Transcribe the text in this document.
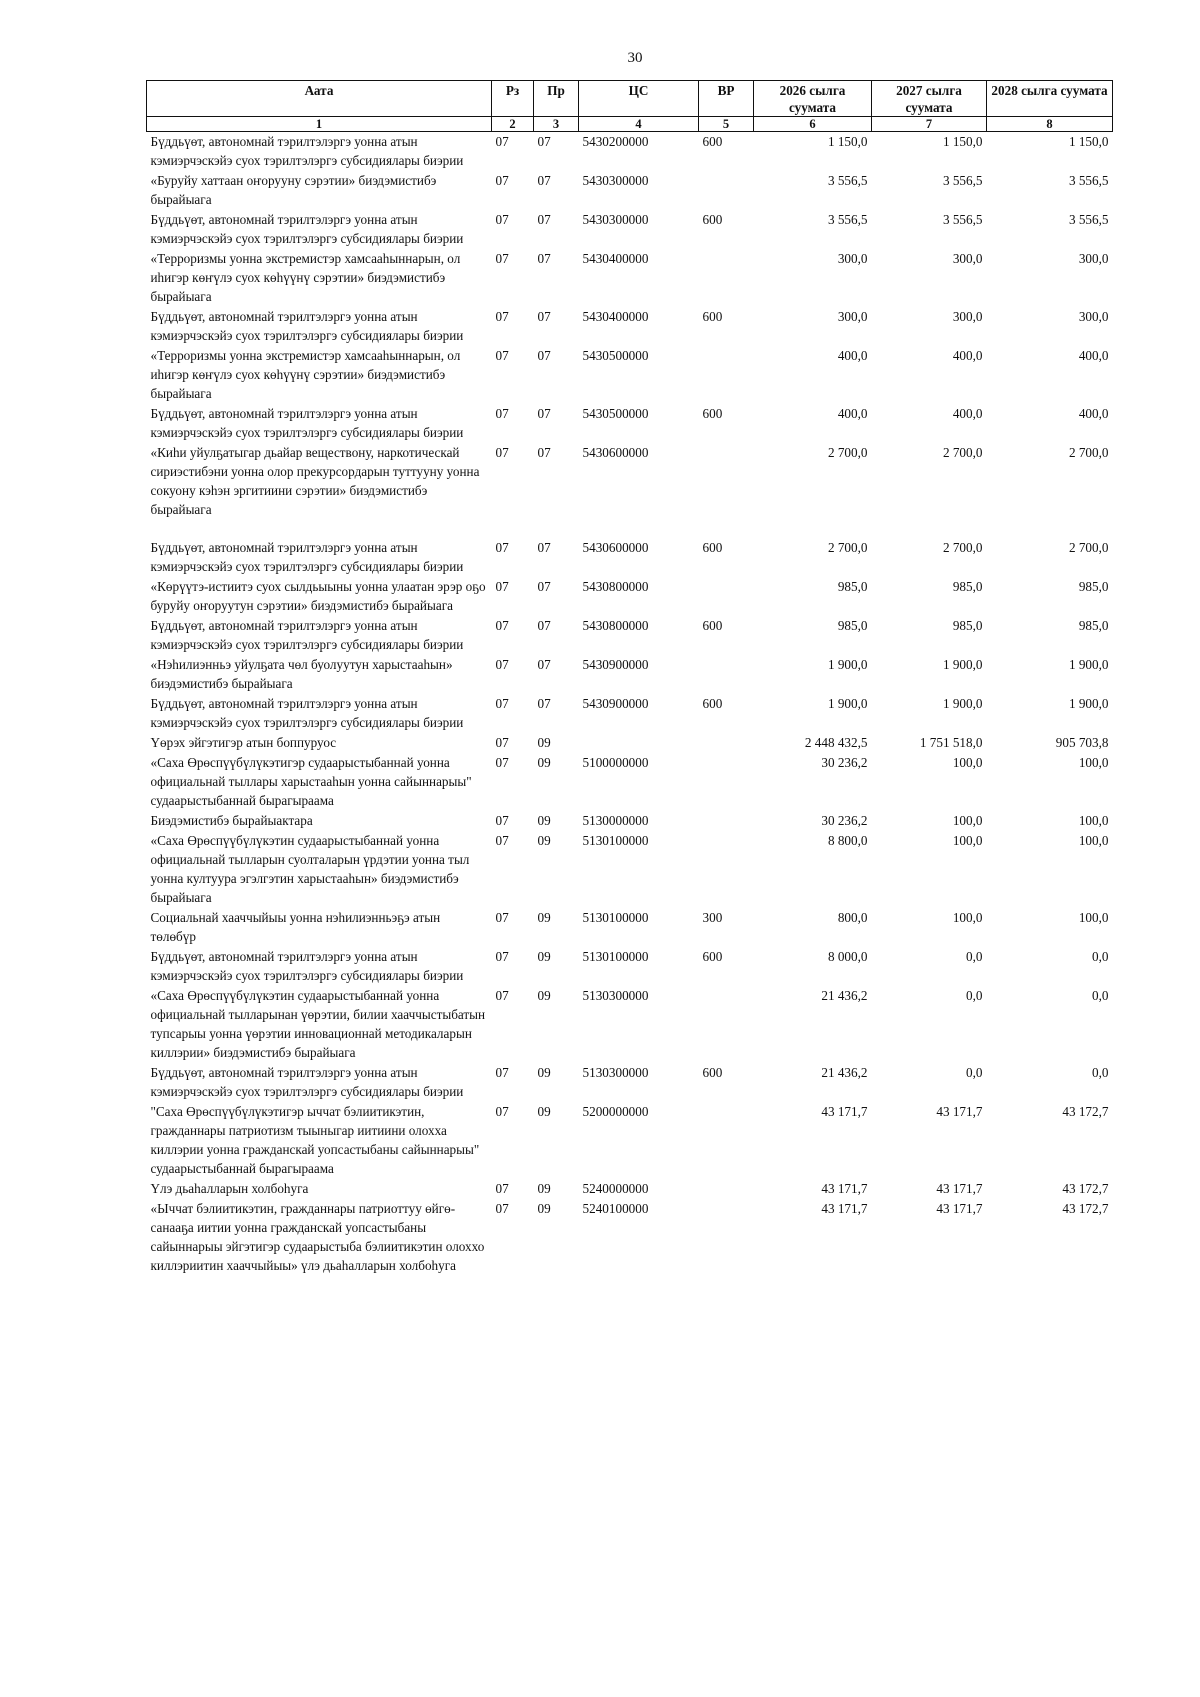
30
Аата	Рз	Пр	ЦС	ВР	2026 сылга суумата	2027 сылга суумата	2028 сылга суумата
1	2	3	4	5	6	7	8
Бүддьүөт, автономнай тэрилтэлэргэ уонна атын кэмиэрчэскэйэ суох тэрилтэлэргэ субсидиялары биэрии	07	07	5430200000	600	1 150,0	1 150,0	1 150,0
«Буруйу хаттаан оҥорууну сэрэтии» биэдэмистибэ бырайыага	07	07	5430300000		3 556,5	3 556,5	3 556,5
Бүддьүөт, автономнай тэрилтэлэргэ уонна атын кэмиэрчэскэйэ суох тэрилтэлэргэ субсидиялары биэрии	07	07	5430300000	600	3 556,5	3 556,5	3 556,5
«Терроризмы уонна экстремистэр хамсааһыннарын, ол иһигэр көҥүлэ суох көһүүнү сэрэтии» биэдэмистибэ бырайыага	07	07	5430400000		300,0	300,0	300,0
Бүддьүөт, автономнай тэрилтэлэргэ уонна атын кэмиэрчэскэйэ суох тэрилтэлэргэ субсидиялары биэрии	07	07	5430400000	600	300,0	300,0	300,0
«Терроризмы уонна экстремистэр хамсааһыннарын, ол иһигэр көҥүлэ суох көһүүнү сэрэтии» биэдэмистибэ бырайыага	07	07	5430500000		400,0	400,0	400,0
Бүддьүөт, автономнай тэрилтэлэргэ уонна атын кэмиэрчэскэйэ суох тэрилтэлэргэ субсидиялары биэрии	07	07	5430500000	600	400,0	400,0	400,0
«Киһи уйулҕатыгар дьайар веществону, наркотическай сириэстибэни уонна олор прекурсордарын туттууну уонна сокуону кэһэн эргитиини сэрэтии» биэдэмистибэ бырайыага	07	07	5430600000		2 700,0	2 700,0	2 700,0
Бүддьүөт, автономнай тэрилтэлэргэ уонна атын кэмиэрчэскэйэ суох тэрилтэлэргэ субсидиялары биэрии	07	07	5430600000	600	2 700,0	2 700,0	2 700,0
«Көрүүтэ-истиитэ суох сылдьыыны уонна улаатан эрэр оҕо буруйу оҥоруутун сэрэтии» биэдэмистибэ бырайыага	07	07	5430800000		985,0	985,0	985,0
Бүддьүөт, автономнай тэрилтэлэргэ уонна атын кэмиэрчэскэйэ суох тэрилтэлэргэ субсидиялары биэрии	07	07	5430800000	600	985,0	985,0	985,0
«Нэһилиэнньэ уйулҕата чөл буолуутун харыстааһын» биэдэмистибэ бырайыага	07	07	5430900000		1 900,0	1 900,0	1 900,0
Бүддьүөт, автономнай тэрилтэлэргэ уонна атын кэмиэрчэскэйэ суох тэрилтэлэргэ субсидиялары биэрии	07	07	5430900000	600	1 900,0	1 900,0	1 900,0
Үөрэх эйгэтигэр атын боппуруос	07	09			2 448 432,5	1 751 518,0	905 703,8
«Саха Өрөспүүбүлүкэтигэр судаарыстыбаннай уонна официальнай тыллары харыстааһын уонна сайыннарыы" судаарыстыбаннай бырагыраама	07	09	5100000000		30 236,2	100,0	100,0
Биэдэмистибэ бырайыактара	07	09	5130000000		30 236,2	100,0	100,0
«Саха Өрөспүүбүлүкэтин судаарыстыбаннай уонна официальнай тылларын суолталарын үрдэтии уонна тыл уонна култуура эгэлгэтин харыстааһын» биэдэмистибэ бырайыага	07	09	5130100000		8 800,0	100,0	100,0
Социальнай хааччыйыы уонна нэһилиэнньэҕэ атын төлөбүр	07	09	5130100000	300	800,0	100,0	100,0
Бүддьүөт, автономнай тэрилтэлэргэ уонна атын кэмиэрчэскэйэ суох тэрилтэлэргэ субсидиялары биэрии	07	09	5130100000	600	8 000,0	0,0	0,0
«Саха Өрөспүүбүлүкэтин судаарыстыбаннай уонна официальнай тылларынан үөрэтии, билии хааччыстыбатын тупсарыы уонна үөрэтии инновационнай методикаларын киллэрии» биэдэмистибэ бырайыага	07	09	5130300000		21 436,2	0,0	0,0
Бүддьүөт, автономнай тэрилтэлэргэ уонна атын кэмиэрчэскэйэ суох тэрилтэлэргэ субсидиялары биэрии	07	09	5130300000	600	21 436,2	0,0	0,0
"Саха Өрөспүүбүлүкэтигэр ыччат бэлиитикэтин, гражданнары патриотизм тыыныгар иитиини олохха киллэрии уонна гражданскай уопсастыбаны сайыннарыы" судаарыстыбаннай бырагыраама	07	09	5200000000		43 171,7	43 171,7	43 172,7
Үлэ дьаһалларын холбоһуга	07	09	5240000000		43 171,7	43 171,7	43 172,7
«Ыччат бэлиитикэтин, гражданнары патриоттуу өйгө-санааҕа иитии уонна гражданскай уопсастыбаны сайыннарыы эйгэтигэр судаарыстыба бэлиитикэтин олоххо киллэриитин хааччыйыы» үлэ дьаһалларын холбоһуга	07	09	5240100000		43 171,7	43 171,7	43 172,7
